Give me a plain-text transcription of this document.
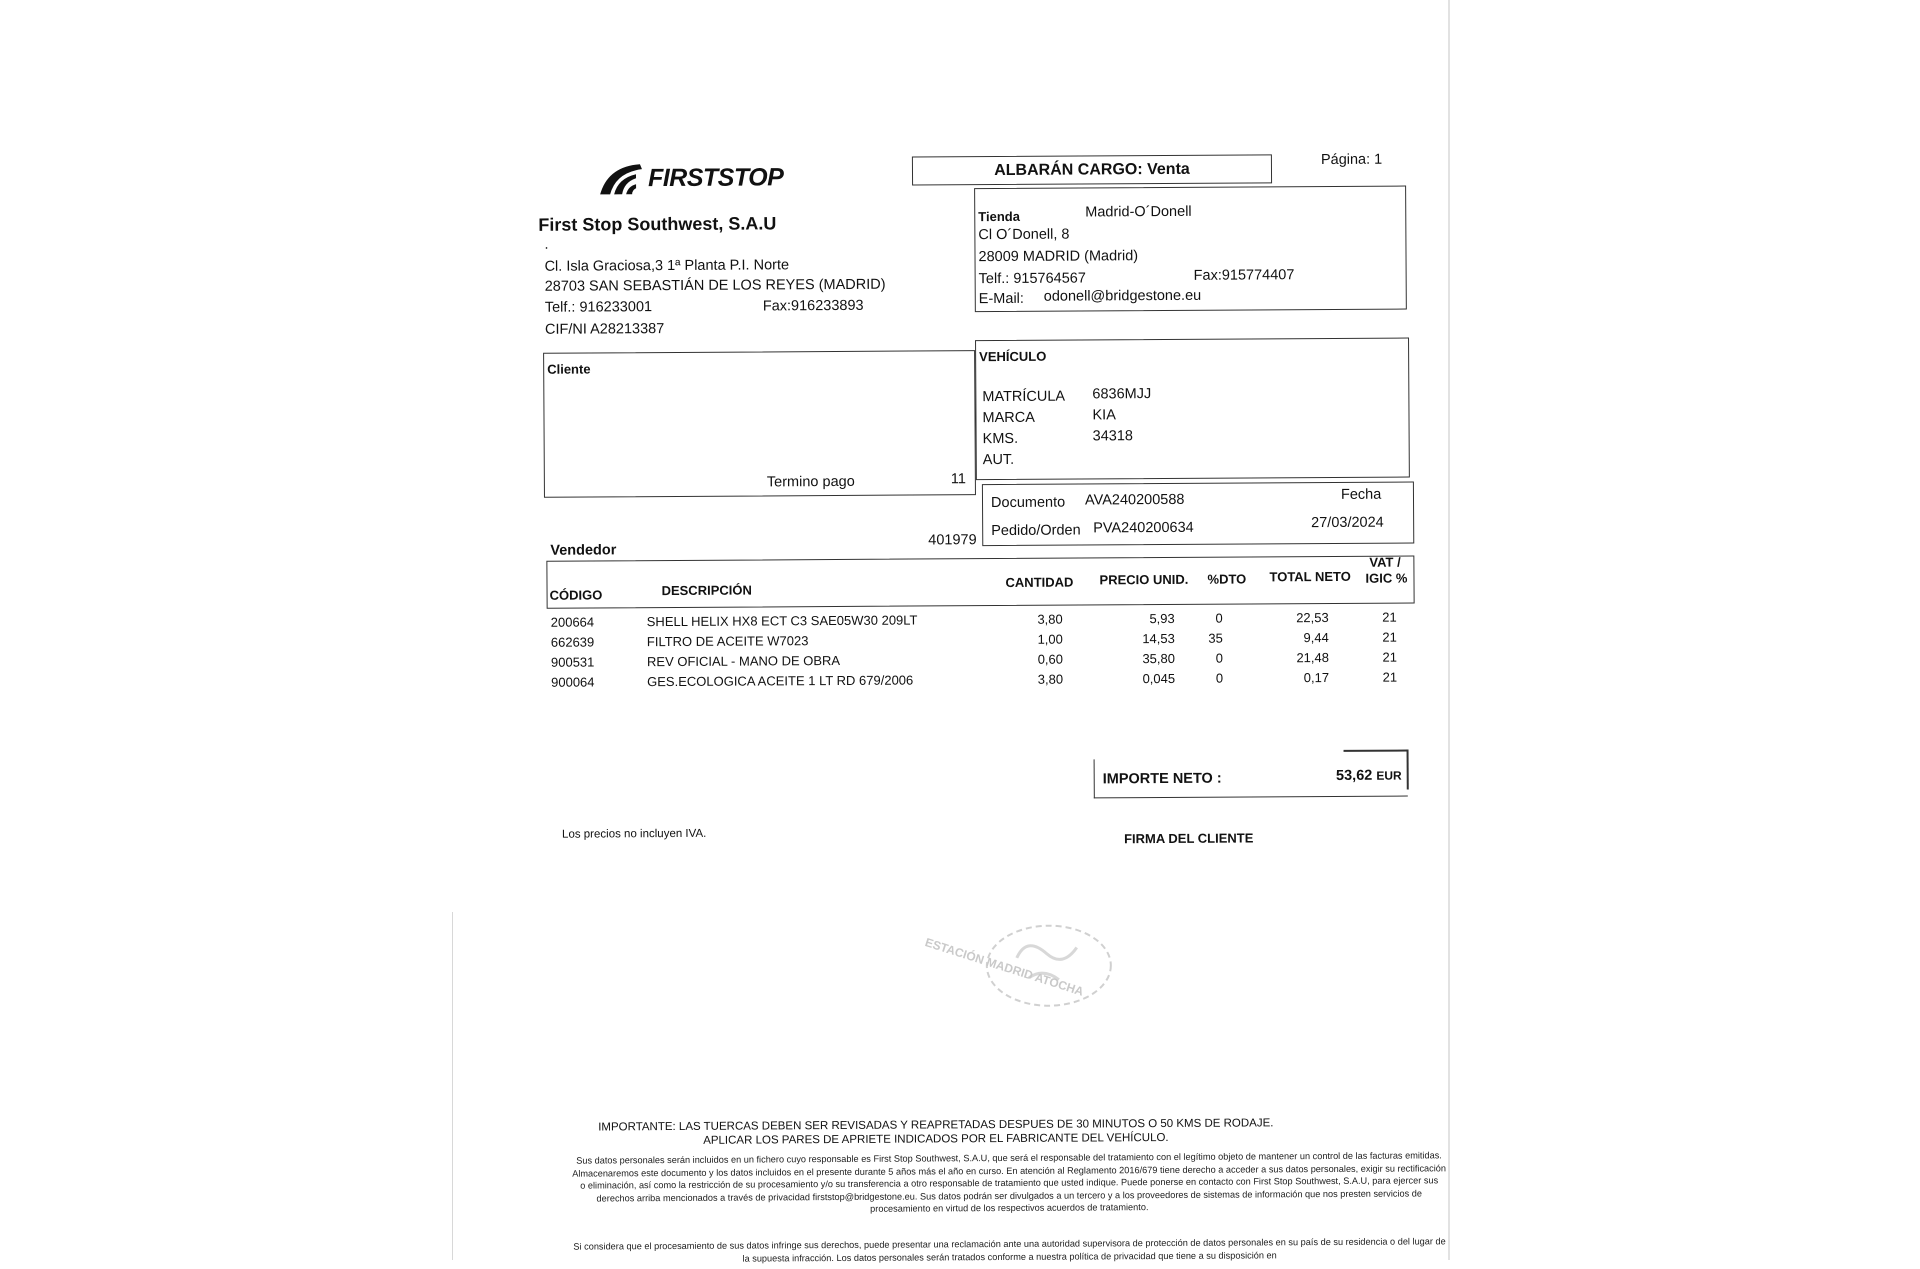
FIRSTSTOP
First Stop Southwest, S.A.U
.
Cl. Isla Graciosa,3 1ª Planta P.I. Norte
28703 SAN SEBASTIÁN DE LOS REYES (MADRID)
Telf.: 916233001	Fax:916233893
CIF/NI A28213387
ALBARÁN CARGO: Venta
Página: 1
Tienda	Madrid-O´Donell
Cl O´Donell, 8
28009 MADRID (Madrid)
Telf.: 915764567	Fax:915774407
E-Mail: odonell@bridgestone.eu
Cliente
Termino pago	11
Vendedor
401979
VEHÍCULO
MATRÍCULA 6836MJJ
MARCA	KIA
KMS.	34318
AUT.
Documento AVA240200588	Fecha
Pedido/Orden PVA240200634	27/03/2024
CÓDIGO	DESCRIPCIÓN
CANTIDAD PRECIO UNID. %DTO TOTAL NETO
VAT /
IGIC %
200664	SHELL HELIX HX8 ECT C3 SAE05W30 209LT	3,80	5,93	0	22,53	21
662639	FILTRO DE ACEITE W7023	1,00	14,53	35	9,44	21
900531	REV OFICIAL - MANO DE OBRA	0,60	35,80	0	21,48	21
900064	GES.ECOLOGICA ACEITE 1 LT RD 679/2006	3,80	0,045	0	0,17	21
IMPORTE NETO :	53,62 EUR
Los precios no incluyen IVA.	FIRMA DEL CLIENTE
ESTACIÓN MADRID ATOCHA
IMPORTANTE: LAS TUERCAS DEBEN SER REVISADAS Y REAPRETADAS DESPUES DE 30 MINUTOS O 50 KMS DE RODAJE.
APLICAR LOS PARES DE APRIETE INDICADOS POR EL FABRICANTE DEL VEHÍCULO.
Sus datos personales serán incluidos en un fichero cuyo responsable es First Stop Southwest, S.A.U, que será el responsable del tratamiento con el legítimo objeto de mantener un control de las facturas emitidas. Almacenaremos este documento y los datos incluidos en el presente durante 5 años más el año en curso. En atención al Reglamento 2016/679 tiene derecho a acceder a sus datos personales, exigir su rectificación o eliminación, así como la restricción de su procesamiento y/o su transferencia a otro responsable de tratamiento que usted indique. Puede ponerse en contacto con First Stop Southwest, S.A.U, para ejercer sus derechos arriba mencionados a través de privacidad firststop@bridgestone.eu. Sus datos podrán ser divulgados a un tercero y a los proveedores de sistemas de información que nos presten servicios de procesamiento en virtud de los respectivos acuerdos de tratamiento.
Si considera que el procesamiento de sus datos infringe sus derechos, puede presentar una reclamación ante una autoridad supervisora de protección de datos personales en su país de su residencia o del lugar de la supuesta infracción. Los datos personales serán tratados conforme a nuestra política de privacidad que tiene a su disposición en
